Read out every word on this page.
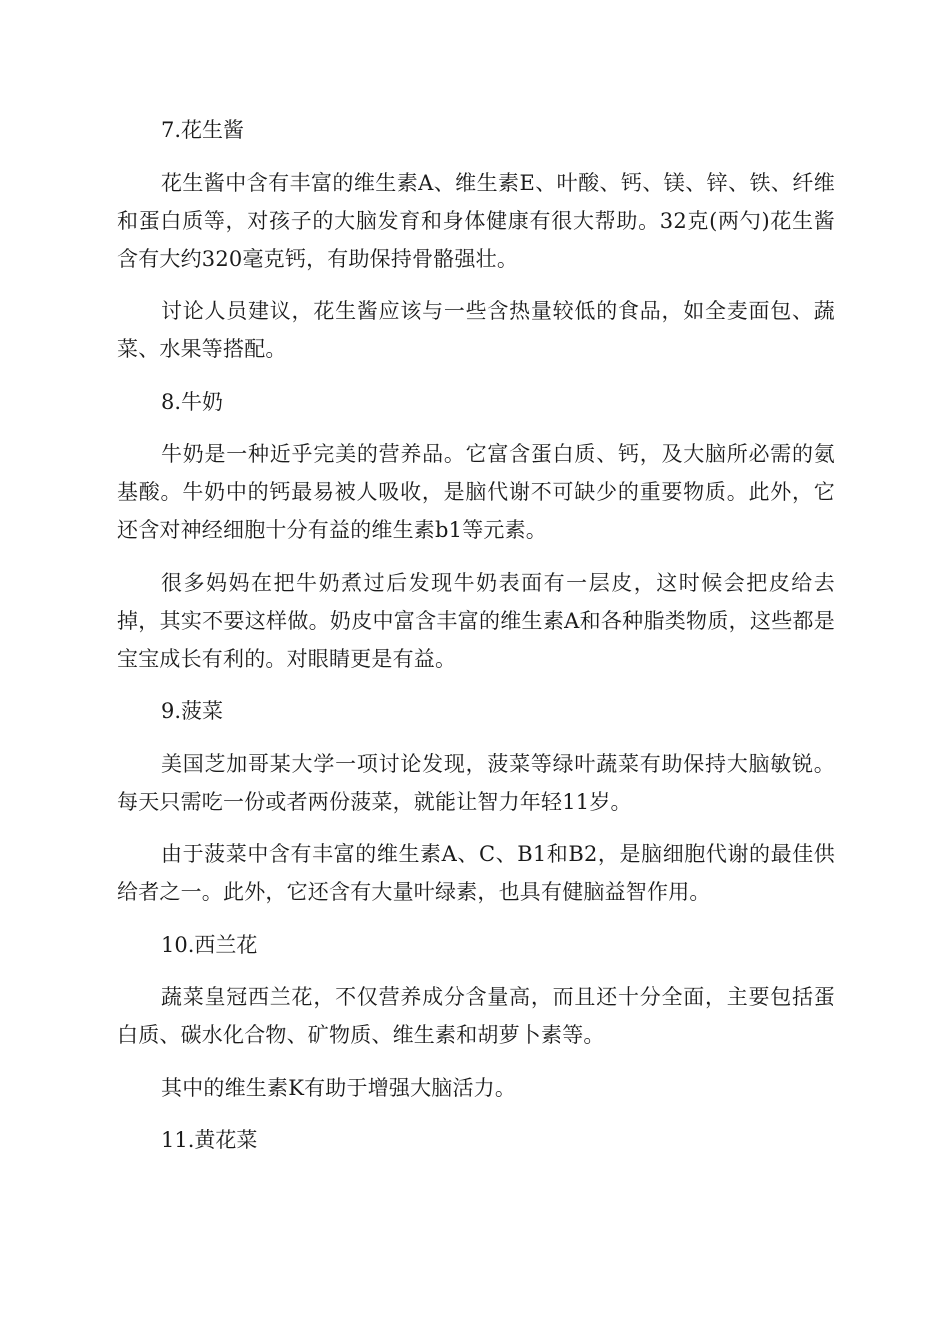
7.花生酱

花生酱中含有丰富的维生素A、维生素E、叶酸、钙、镁、锌、铁、纤维和蛋白质等，对孩子的大脑发育和身体健康有很大帮助。32克(两勺)花生酱含有大约320毫克钙，有助保持骨骼强壮。

讨论人员建议，花生酱应该与一些含热量较低的食品，如全麦面包、蔬菜、水果等搭配。

8.牛奶

牛奶是一种近乎完美的营养品。它富含蛋白质、钙，及大脑所必需的氨基酸。牛奶中的钙最易被人吸收，是脑代谢不可缺少的重要物质。此外，它还含对神经细胞十分有益的维生素b1等元素。

很多妈妈在把牛奶煮过后发现牛奶表面有一层皮，这时候会把皮给去掉，其实不要这样做。奶皮中富含丰富的维生素A和各种脂类物质，这些都是宝宝成长有利的。对眼睛更是有益。

9.菠菜

美国芝加哥某大学一项讨论发现，菠菜等绿叶蔬菜有助保持大脑敏锐。每天只需吃一份或者两份菠菜，就能让智力年轻11岁。

由于菠菜中含有丰富的维生素A、C、B1和B2，是脑细胞代谢的最佳供给者之一。此外，它还含有大量叶绿素，也具有健脑益智作用。

10.西兰花

蔬菜皇冠西兰花，不仅营养成分含量高，而且还十分全面，主要包括蛋白质、碳水化合物、矿物质、维生素和胡萝卜素等。

其中的维生素K有助于增强大脑活力。

11.黄花菜
